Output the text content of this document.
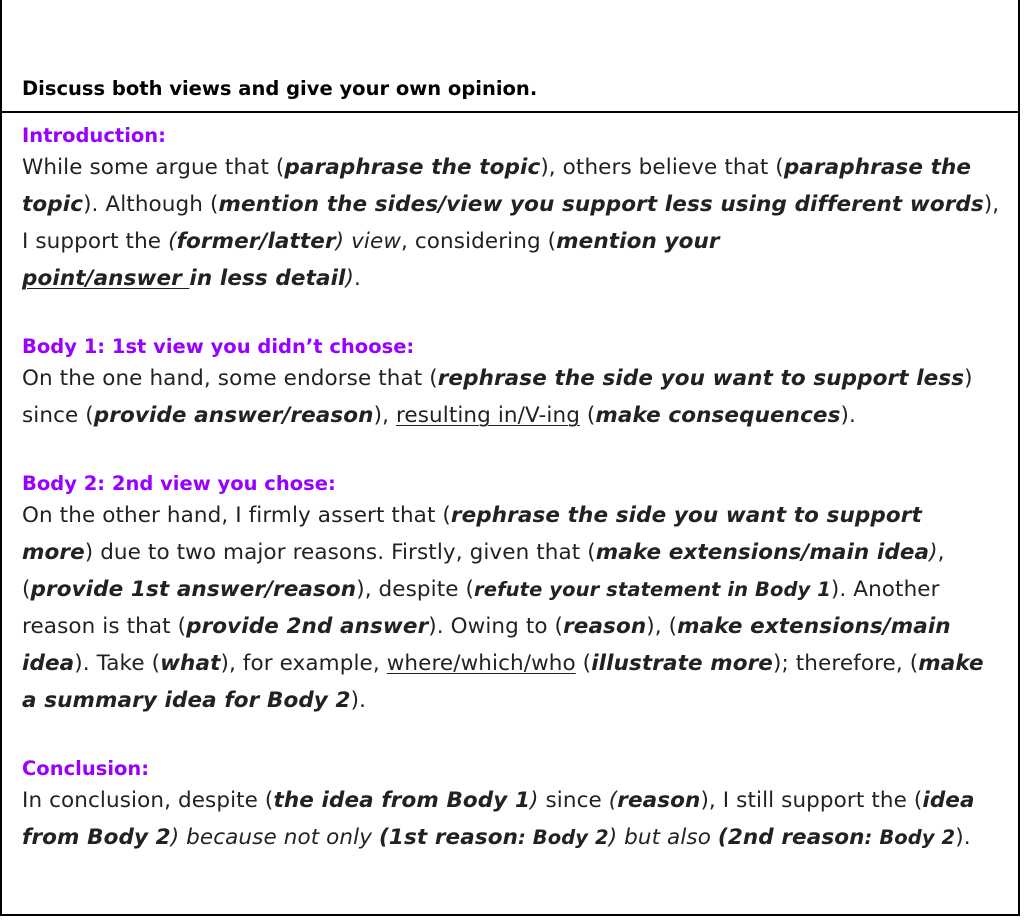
Discuss both views and give your own opinion.
Introduction:

While some argue that (paraphrase the topic), others believe that (paraphrase the topic). Although (mention the sides/view you support less using different words), I support the (former/latter) view, considering (mention your
point/answer in less detail).

Body 1: 1st view you didn’t choose:

On the one hand, some endorse that (rephrase the side you want to support less) since (provide answer/reason), resulting in/V-ing (make consequences).

Body 2: 2nd view you chose:

On the other hand, I firmly assert that (rephrase the side you want to support more) due to two major reasons. Firstly, given that (make extensions/main idea), (provide 1st answer/reason), despite (refute your statement in Body 1). Another reason is that (provide 2nd answer). Owing to (reason), (make extensions/main idea). Take (what), for example, where/which/who (illustrate more); therefore, (make a summary idea for Body 2).

Conclusion:

In conclusion, despite (the idea from Body 1) since (reason), I still support the (idea from Body 2) because not only (1st reason: Body 2) but also (2nd reason: Body 2).
